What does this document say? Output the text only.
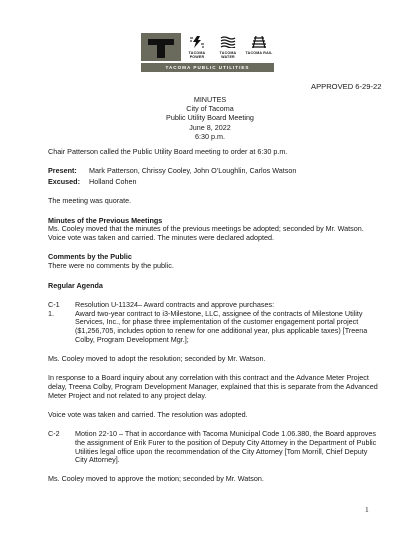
TACOMA POWER
TACOMA WATER
TACOMA RAIL
TACOMA PUBLIC UTILITIES
APPROVED 6-29-22
MINUTES
City of Tacoma
Public Utility Board Meeting
June 8, 2022
6:30 p.m.

Chair Patterson called the Public Utility Board meeting to order at 6:30 p.m.

Present: Mark Patterson, Chrissy Cooley, John O’Loughlin, Carlos Watson

Excused: Holland Cohen

The meeting was quorate.

Minutes of the Previous Meetings

Ms. Cooley moved that the minutes of the previous meetings be adopted; seconded by Mr. Watson. Voice vote was taken and carried. The minutes were declared adopted.

Comments by the Public

There were no comments by the public.

Regular Agenda

C-1	Resolution U-11324– Award contracts and approve purchases:
1.	Award two-year contract to i3-Milestone, LLC, assignee of the contracts of Milestone Utility Services, Inc., for phase three implementation of the customer engagement portal project ($1,256,705, includes option to renew for one additional year, plus applicable taxes) [Treena Colby, Program Development Mgr.];

Ms. Cooley moved to adopt the resolution; seconded by Mr. Watson.

In response to a Board inquiry about any correlation with this contract and the Advance Meter Project delay, Treena Colby, Program Development Manager, explained that this is separate from the Advanced Meter Project and not related to any project delay.

Voice vote was taken and carried. The resolution was adopted.

C-2	Motion 22-10 – That in accordance with Tacoma Municipal Code 1.06.380, the Board approves the assignment of Erik Furer to the position of Deputy City Attorney in the Department of Public Utilities legal office upon the recommendation of the City Attorney [Tom Morrill, Chief Deputy City Attorney].

Ms. Cooley moved to approve the motion; seconded by Mr. Watson.

1
